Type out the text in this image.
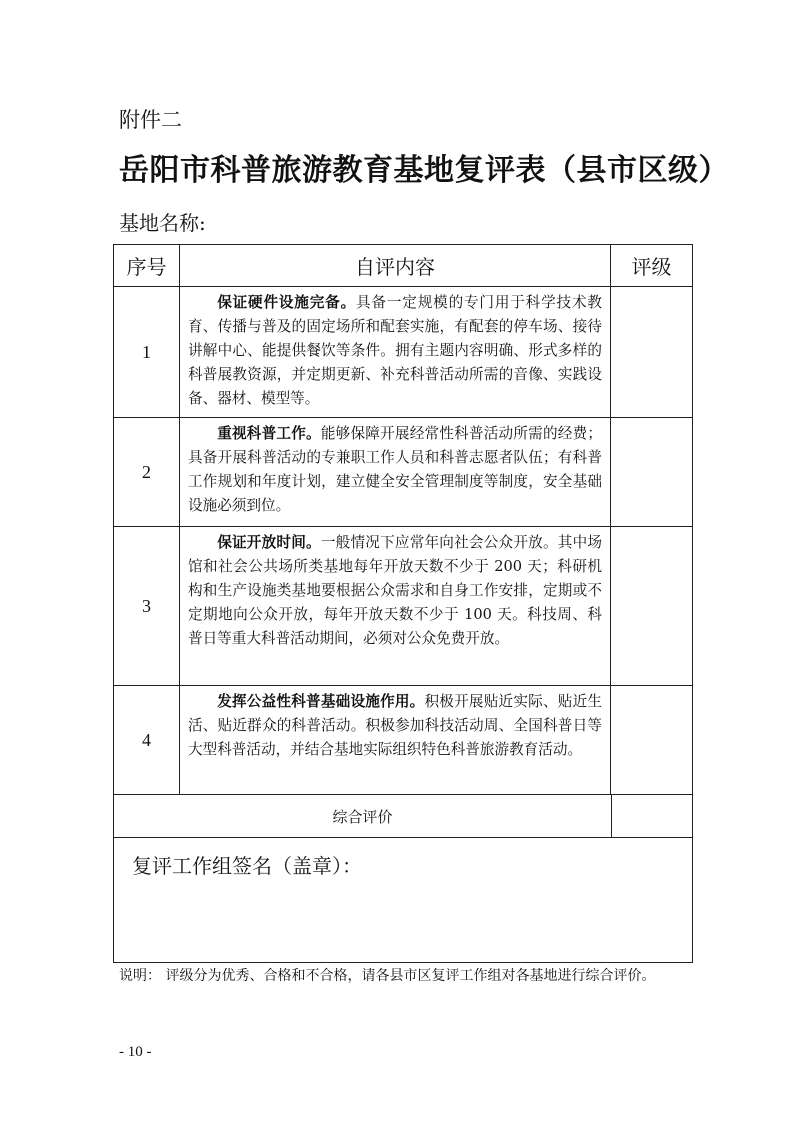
附件二
岳阳市科普旅游教育基地复评表（县市区级）
基地名称:
序号	自评内容	评级
1
保证硬件设施完备。具备一定规模的专门用于科学技术教育、传播与普及的固定场所和配套实施，有配套的停车场、接待讲解中心、能提供餐饮等条件。拥有主题内容明确、形式多样的科普展教资源，并定期更新、补充科普活动所需的音像、实践设备、器材、模型等。
2
重视科普工作。能够保障开展经常性科普活动所需的经费；具备开展科普活动的专兼职工作人员和科普志愿者队伍；有科普工作规划和年度计划，建立健全安全管理制度等制度，安全基础设施必须到位。
3
保证开放时间。一般情况下应常年向社会公众开放。其中场馆和社会公共场所类基地每年开放天数不少于 200 天；科研机构和生产设施类基地要根据公众需求和自身工作安排，定期或不定期地向公众开放，每年开放天数不少于 100 天。科技周、科普日等重大科普活动期间，必须对公众免费开放。
4
发挥公益性科普基础设施作用。积极开展贴近实际、贴近生活、贴近群众的科普活动。积极参加科技活动周、全国科普日等大型科普活动，并结合基地实际组织特色科普旅游教育活动。
综合评价
复评工作组签名（盖章）：
说明： 评级分为优秀、合格和不合格，请各县市区复评工作组对各基地进行综合评价。
- 10 -
